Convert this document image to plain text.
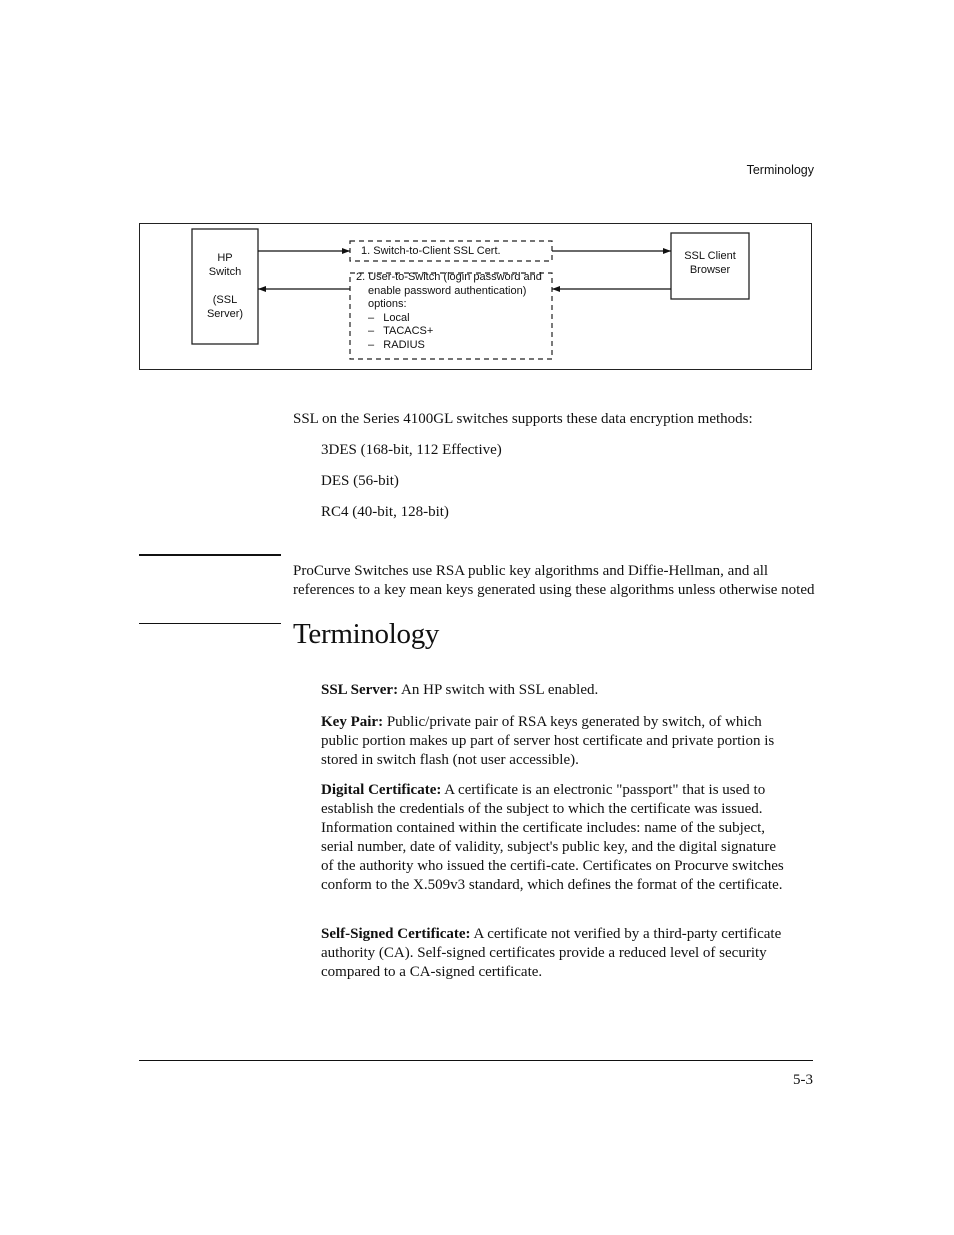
Terminology
HP
Switch
(SSL
Server)
SSL Client
Browser
1. Switch-to-Client SSL Cert.
2. User-to-Switch (login password and
enable password authentication)
options:
–   Local
–   TACACS+
–   RADIUS
SSL on the Series 4100GL switches supports these data encryption methods:
3DES (168-bit, 112 Effective)
DES (56-bit)
RC4 (40-bit, 128-bit)
ProCurve Switches use RSA public key algorithms and Diffie-Hellman, and all references to a key mean keys generated using these algorithms unless otherwise noted
Terminology
SSL Server: An HP switch with SSL enabled.
Key Pair: Public/private pair of RSA keys generated by switch, of which public portion makes up part of server host certificate and private portion is stored in switch flash (not user accessible).
Digital Certificate: A certificate is an electronic "passport" that is used to establish the credentials of the subject to which the certificate was issued. Information contained within the certificate includes: name of the subject, serial number, date of validity, subject's public key, and the digital signature of the authority who issued the certifi-cate. Certificates on Procurve switches conform to the X.509v3 standard, which defines the format of the certificate.
Self-Signed Certificate: A certificate not verified by a third-party certificate authority (CA). Self-signed certificates provide a reduced level of security compared to a CA-signed certificate.
5-3
